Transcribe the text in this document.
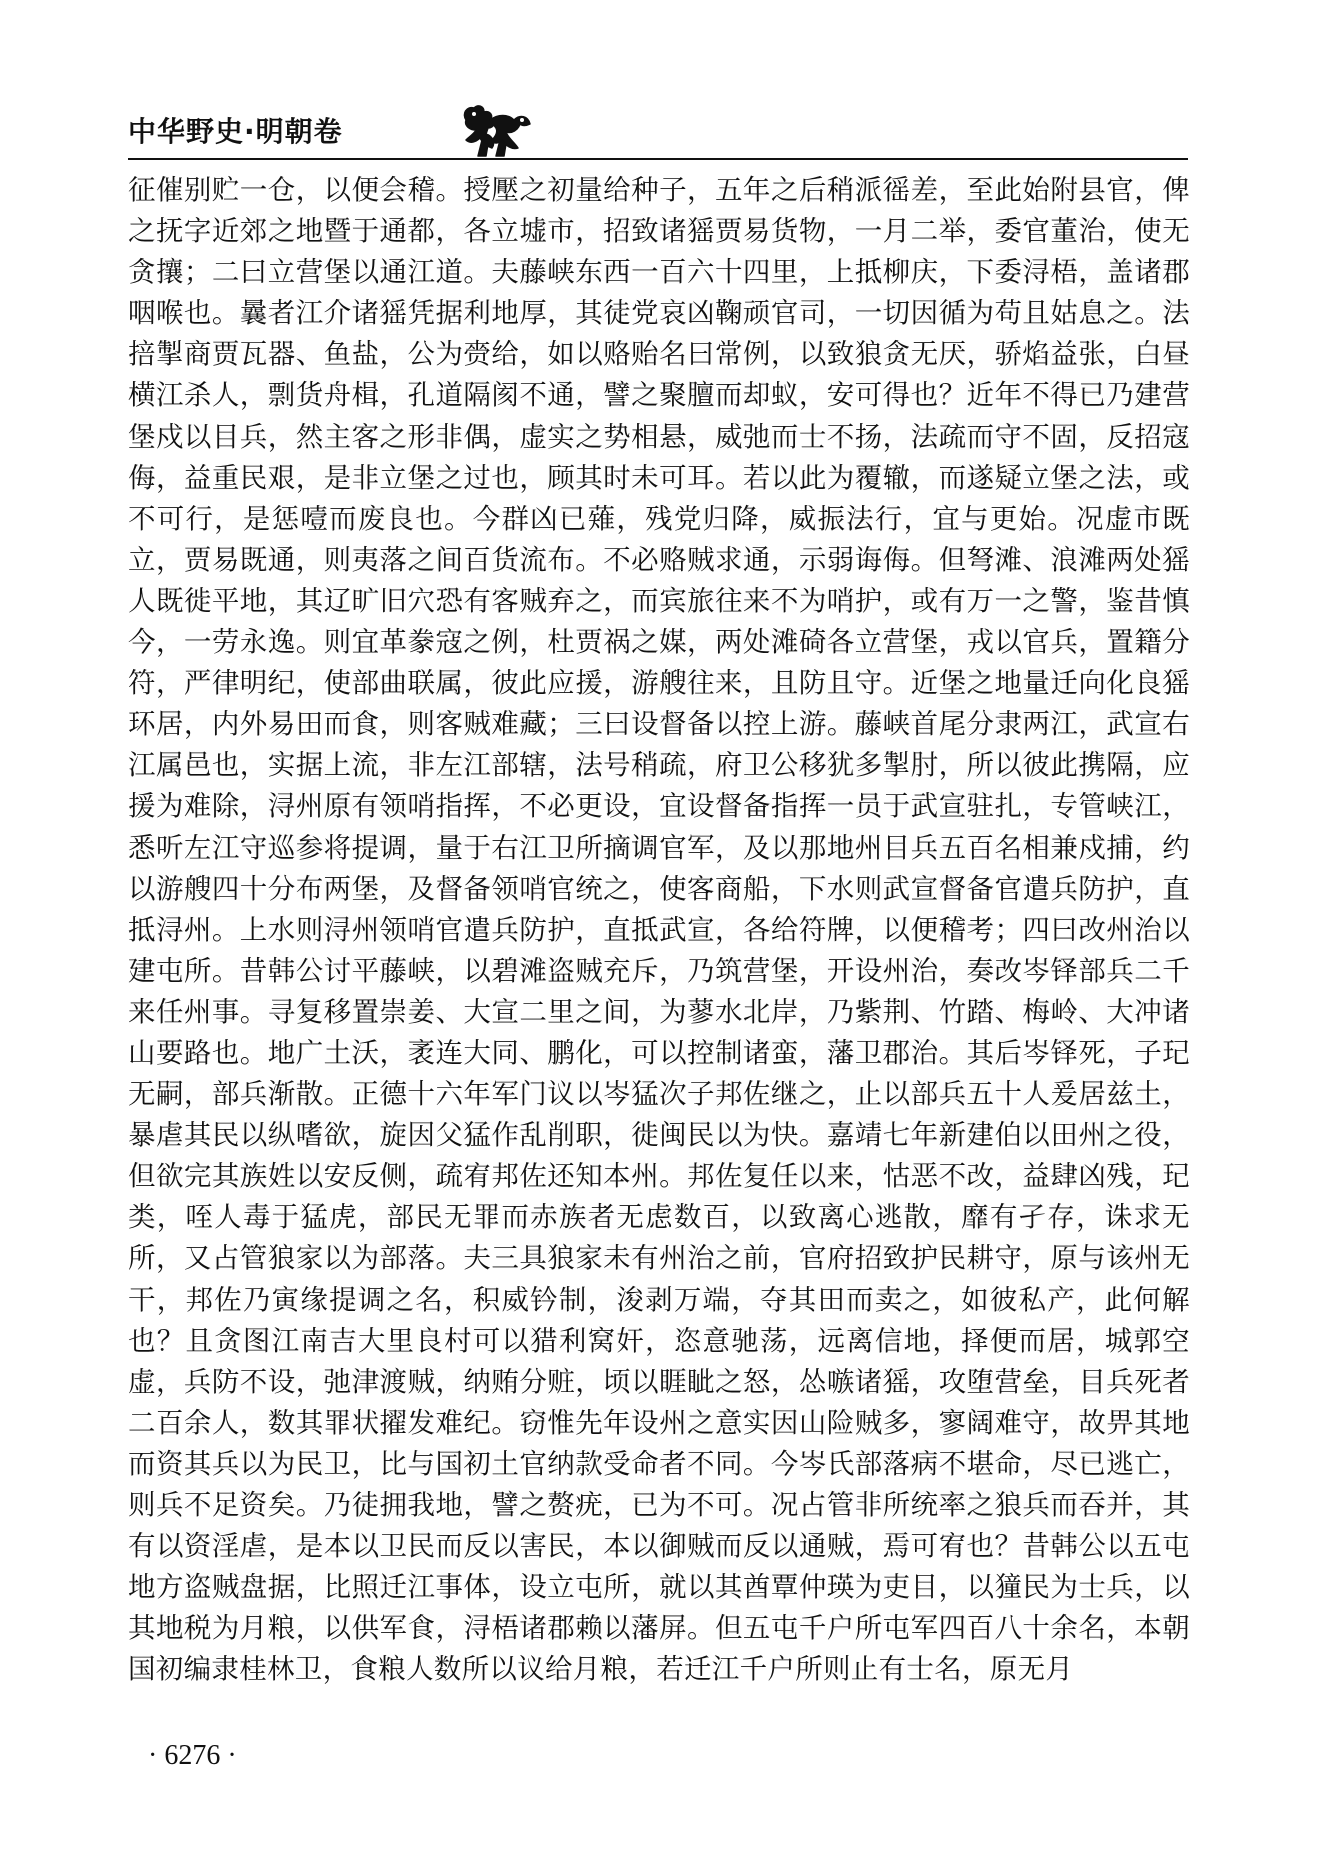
中华野史·明朝卷

征催别贮一仓，以便会稽。授壓之初量给种子，五年之后稍派徭差，至此始附县官，俾之抚字近郊之地暨于通都，各立墟市，招致诸猺贾易货物，一月二举，委官董治，使无贪攘；二曰立营堡以通江道。夫藤峡东西一百六十四里，上抵柳庆，下委浔梧，盖诸郡咽喉也。曩者江介诸猺凭据利地厚，其徒党哀凶鞠顽官司，一切因循为苟且姑息之。法掊掣商贾瓦器、鱼盐，公为赍给，如以赂贻名曰常例，以致狼贪无厌，骄焰益张，白昼横江杀人，剽货舟楫，孔道隔阂不通，譬之聚膻而却蚁，安可得也？近年不得已乃建营堡戍以目兵，然主客之形非偶，虚实之势相悬，威弛而士不扬，法疏而守不固，反招寇侮，益重民艰，是非立堡之过也，顾其时未可耳。若以此为覆辙，而遂疑立堡之法，或不可行，是惩噎而废良也。今群凶已薙，残党归降，威振法行，宜与更始。况虚市既立，贾易既通，则夷落之间百货流布。不必赂贼求通，示弱诲侮。但弩滩、浪滩两处猺人既徙平地，其辽旷旧穴恐有客贼弃之，而宾旅往来不为哨护，或有万一之警，鉴昔慎今，一劳永逸。则宜革豢寇之例，杜贾祸之媒，两处滩碕各立营堡，戎以官兵，置籍分符，严律明纪，使部曲联属，彼此应援，游艘往来，且防且守。近堡之地量迁向化良猺环居，内外易田而食，则客贼难藏；三曰设督备以控上游。藤峡首尾分隶两江，武宣右江属邑也，实据上流，非左江部辖，法号稍疏，府卫公移犹多掣肘，所以彼此携隔，应援为难除，浔州原有领哨指挥，不必更设，宜设督备指挥一员于武宣驻扎，专管峡江，悉听左江守巡参将提调，量于右江卫所摘调官军，及以那地州目兵五百名相兼戍捕，约以游艘四十分布两堡，及督备领哨官统之，使客商船，下水则武宣督备官遣兵防护，直抵浔州。上水则浔州领哨官遣兵防护，直抵武宣，各给符牌，以便稽考；四曰改州治以建屯所。昔韩公讨平藤峡，以碧滩盗贼充斥，乃筑营堡，开设州治，奏改岑铎部兵二千来任州事。寻复移置崇姜、大宣二里之间，为蓼水北岸，乃紫荆、竹踏、梅岭、大冲诸山要路也。地广土沃，袤连大同、鹏化，可以控制诸蛮，藩卫郡治。其后岑铎死，子玘无嗣，部兵渐散。正德十六年军门议以岑猛次子邦佐继之，止以部兵五十人爰居兹土，暴虐其民以纵嗜欲，旋因父猛作乱削职，徙闽民以为快。嘉靖七年新建伯以田州之役，但欲完其族姓以安反侧，疏宥邦佐还知本州。邦佐复任以来，怙恶不改，益肆凶残，玘类，咥人毒于猛虎，部民无罪而赤族者无虑数百，以致离心逃散，靡有孑存，诛求无所，又占管狼家以为部落。夫三具狼家未有州治之前，官府招致护民耕守，原与该州无干，邦佐乃寅缘提调之名，积威钤制，浚剥万端，夺其田而卖之，如彼私产，此何解也？且贪图江南吉大里良村可以猎利窝奸，恣意驰荡，远离信地，择便而居，城郭空虚，兵防不设，弛津渡贼，纳贿分赃，顷以睚眦之怒，怂嗾诸猺，攻堕营垒，目兵死者二百余人，数其罪状擢发难纪。窃惟先年设州之意实因山险贼多，寥阔难守，故畀其地而资其兵以为民卫，比与国初土官纳款受命者不同。今岑氏部落病不堪命，尽已逃亡，则兵不足资矣。乃徒拥我地，譬之赘疣，已为不可。况占管非所统率之狼兵而吞并，其有以资淫虐，是本以卫民而反以害民，本以御贼而反以通贼，焉可宥也？昔韩公以五屯地方盗贼盘据，比照迁江事体，设立屯所，就以其酋覃仲瑛为吏目，以獞民为士兵，以其地税为月粮，以供军食，浔梧诸郡赖以藩屏。但五屯千户所屯军四百八十余名，本朝国初编隶桂林卫，食粮人数所以议给月粮，若迁江千户所则止有士名，原无月

· 6276 ·
